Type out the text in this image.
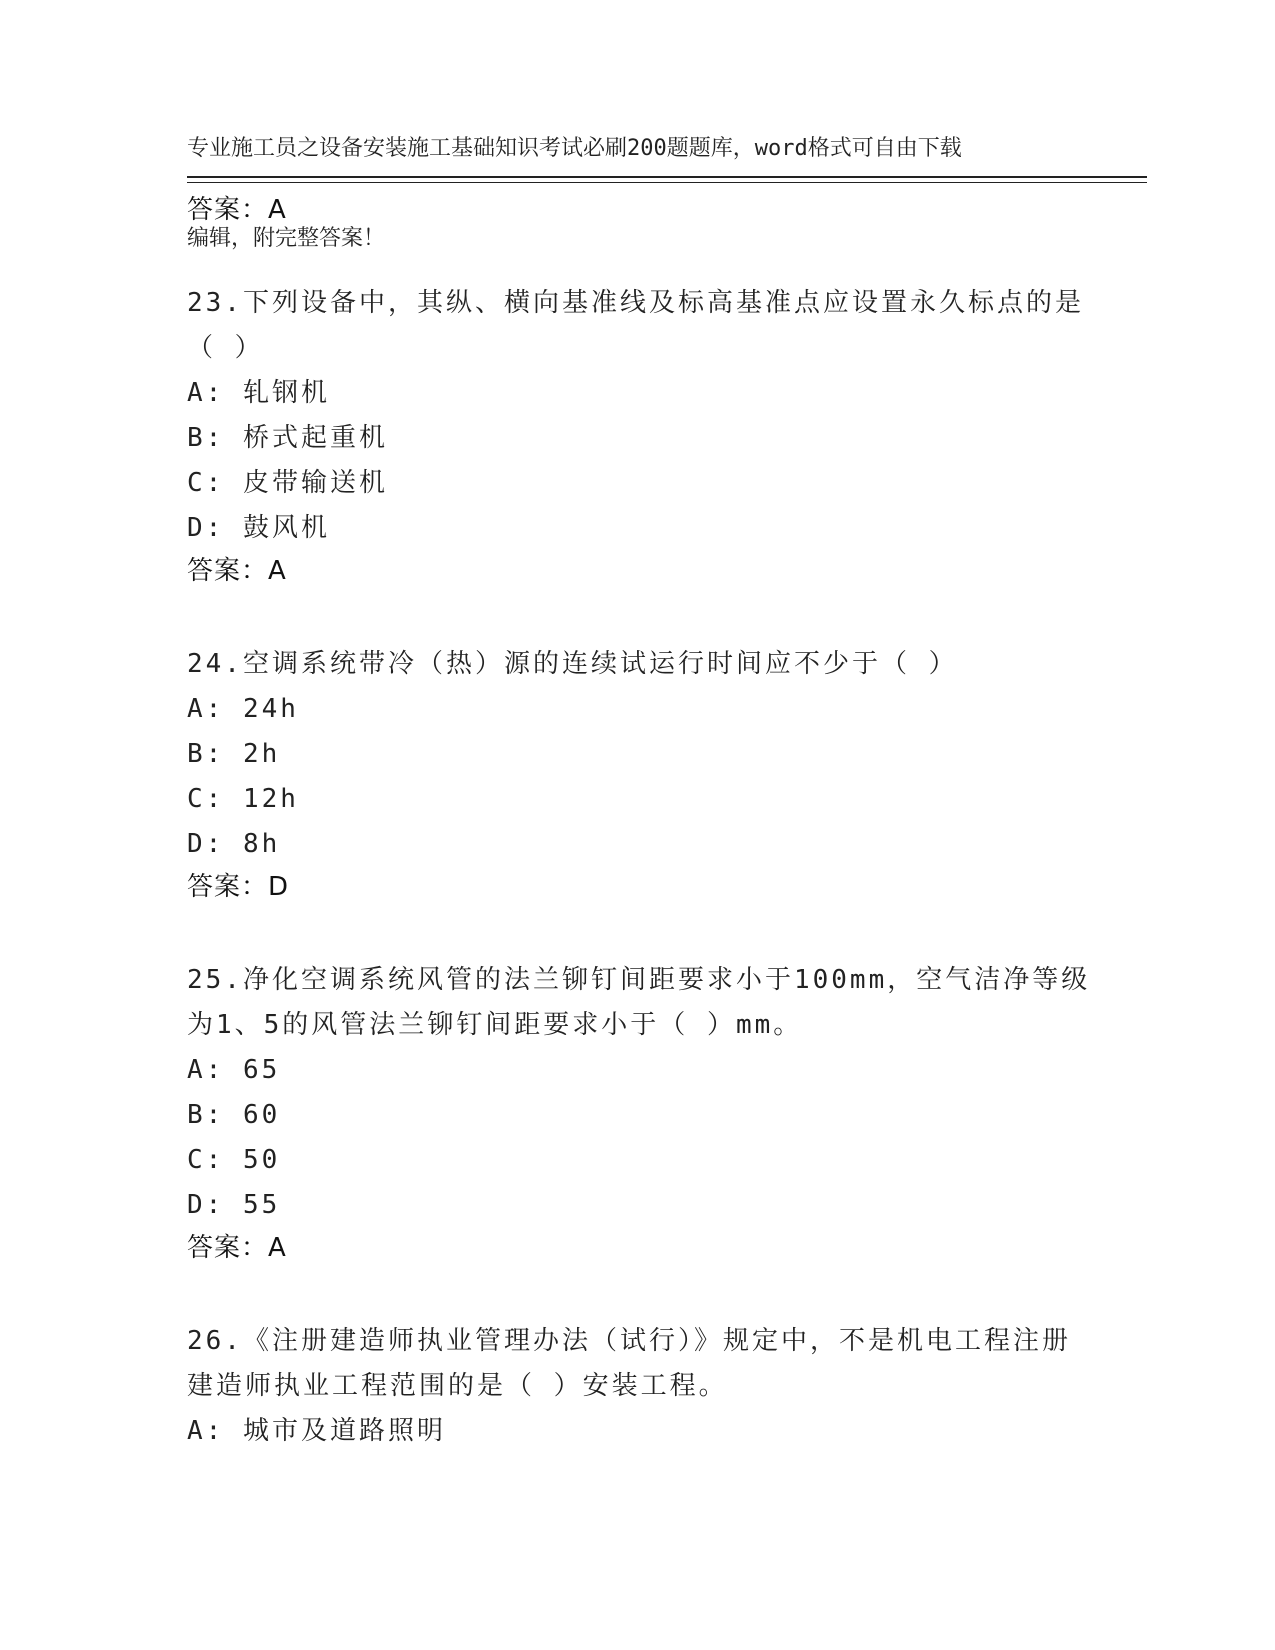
专业施工员之设备安装施工基础知识考试必刷200题题库，word格式可自由下载

编辑，附完整答案！

答案：A
23.下列设备中，其纵、横向基准线及标高基准点应设置永久标点的是
（ ）
A: 轧钢机
B: 桥式起重机
C: 皮带输送机
D: 鼓风机
答案：A
24.空调系统带冷（热）源的连续试运行时间应不少于（ ）
A: 24h
B: 2h
C: 12h
D: 8h
答案：D
25.净化空调系统风管的法兰铆钉间距要求小于100mm，空气洁净等级
为1、5的风管法兰铆钉间距要求小于（ ）mm。
A: 65
B: 60
C: 50
D: 55
答案：A
26.《注册建造师执业管理办法（试行）》规定中，不是机电工程注册
建造师执业工程范围的是（ ）安装工程。
A: 城市及道路照明
